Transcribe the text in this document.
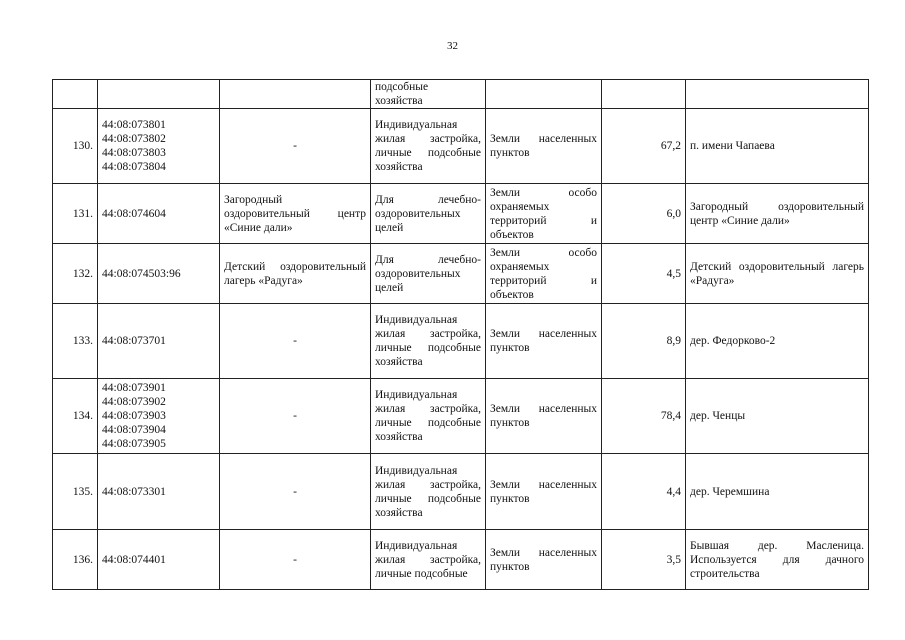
32

			подсобные
хозяйства			

130.	44:08:073801
44:08:073802
44:08:073803
44:08:073804	-	Индивидуальная жилая застройка, личные подсобные хозяйства	Земли населенных пунктов	67,2	п. имени Чапаева
131.	44:08:074604	Загородный оздоровительный центр «Синие дали»	Для лечебно-оздоровительных целей	Земли особо охраняемых территорий и объектов	6,0	Загородный оздоровительный центр «Синие дали»
132.	44:08:074503:96	Детский оздоровительный лагерь «Радуга»	Для лечебно-оздоровительных целей	Земли особо охраняемых территорий и объектов	4,5	Детский оздоровительный лагерь «Радуга»
133.	44:08:073701	-	Индивидуальная жилая застройка, личные подсобные хозяйства	Земли населенных пунктов	8,9	дер. Федорково-2
134.	44:08:073901
44:08:073902
44:08:073903
44:08:073904
44:08:073905	-	Индивидуальная жилая застройка, личные подсобные хозяйства	Земли населенных пунктов	78,4	дер. Ченцы
135.	44:08:073301	-	Индивидуальная жилая застройка, личные подсобные хозяйства	Земли населенных пунктов	4,4	дер. Черемшина
136.	44:08:074401	-	Индивидуальная жилая застройка, личные подсобные	Земли населенных пунктов	3,5	Бывшая дер. Масленица. Используется для дачного строительства
